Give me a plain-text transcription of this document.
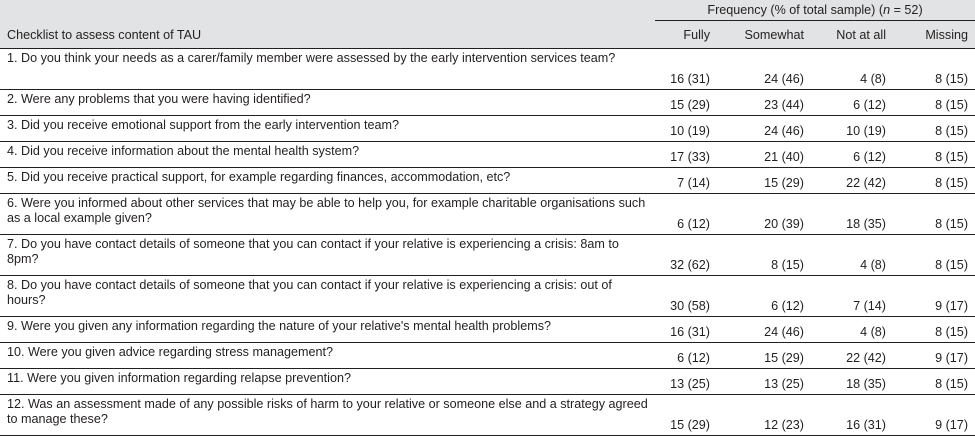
	Frequency (% of total sample) (n = 52)			

Checklist to assess content of TAU	Fully	Somewhat	Not at all	Missing
1. Do you think your needs as a carer/family member were assessed by the early intervention services team?	16 (31)	24 (46)	4 (8)	8 (15)
2. Were any problems that you were having identified?	15 (29)	23 (44)	6 (12)	8 (15)
3. Did you receive emotional support from the early intervention team?	10 (19)	24 (46)	10 (19)	8 (15)
4. Did you receive information about the mental health system?	17 (33)	21 (40)	6 (12)	8 (15)
5. Did you receive practical support, for example regarding finances, accommodation, etc?	7 (14)	15 (29)	22 (42)	8 (15)
6. Were you informed about other services that may be able to help you, for example charitable organisations such as a local example given?	6 (12)	20 (39)	18 (35)	8 (15)
7. Do you have contact details of someone that you can contact if your relative is experiencing a crisis: 8am to 8pm?	32 (62)	8 (15)	4 (8)	8 (15)
8. Do you have contact details of someone that you can contact if your relative is experiencing a crisis: out of hours?	30 (58)	6 (12)	7 (14)	9 (17)
9. Were you given any information regarding the nature of your relative's mental health problems?	16 (31)	24 (46)	4 (8)	8 (15)
10. Were you given advice regarding stress management?	6 (12)	15 (29)	22 (42)	9 (17)
11. Were you given information regarding relapse prevention?	13 (25)	13 (25)	18 (35)	8 (15)
12. Was an assessment made of any possible risks of harm to your relative or someone else and a strategy agreed to manage these?	15 (29)	12 (23)	16 (31)	9 (17)
